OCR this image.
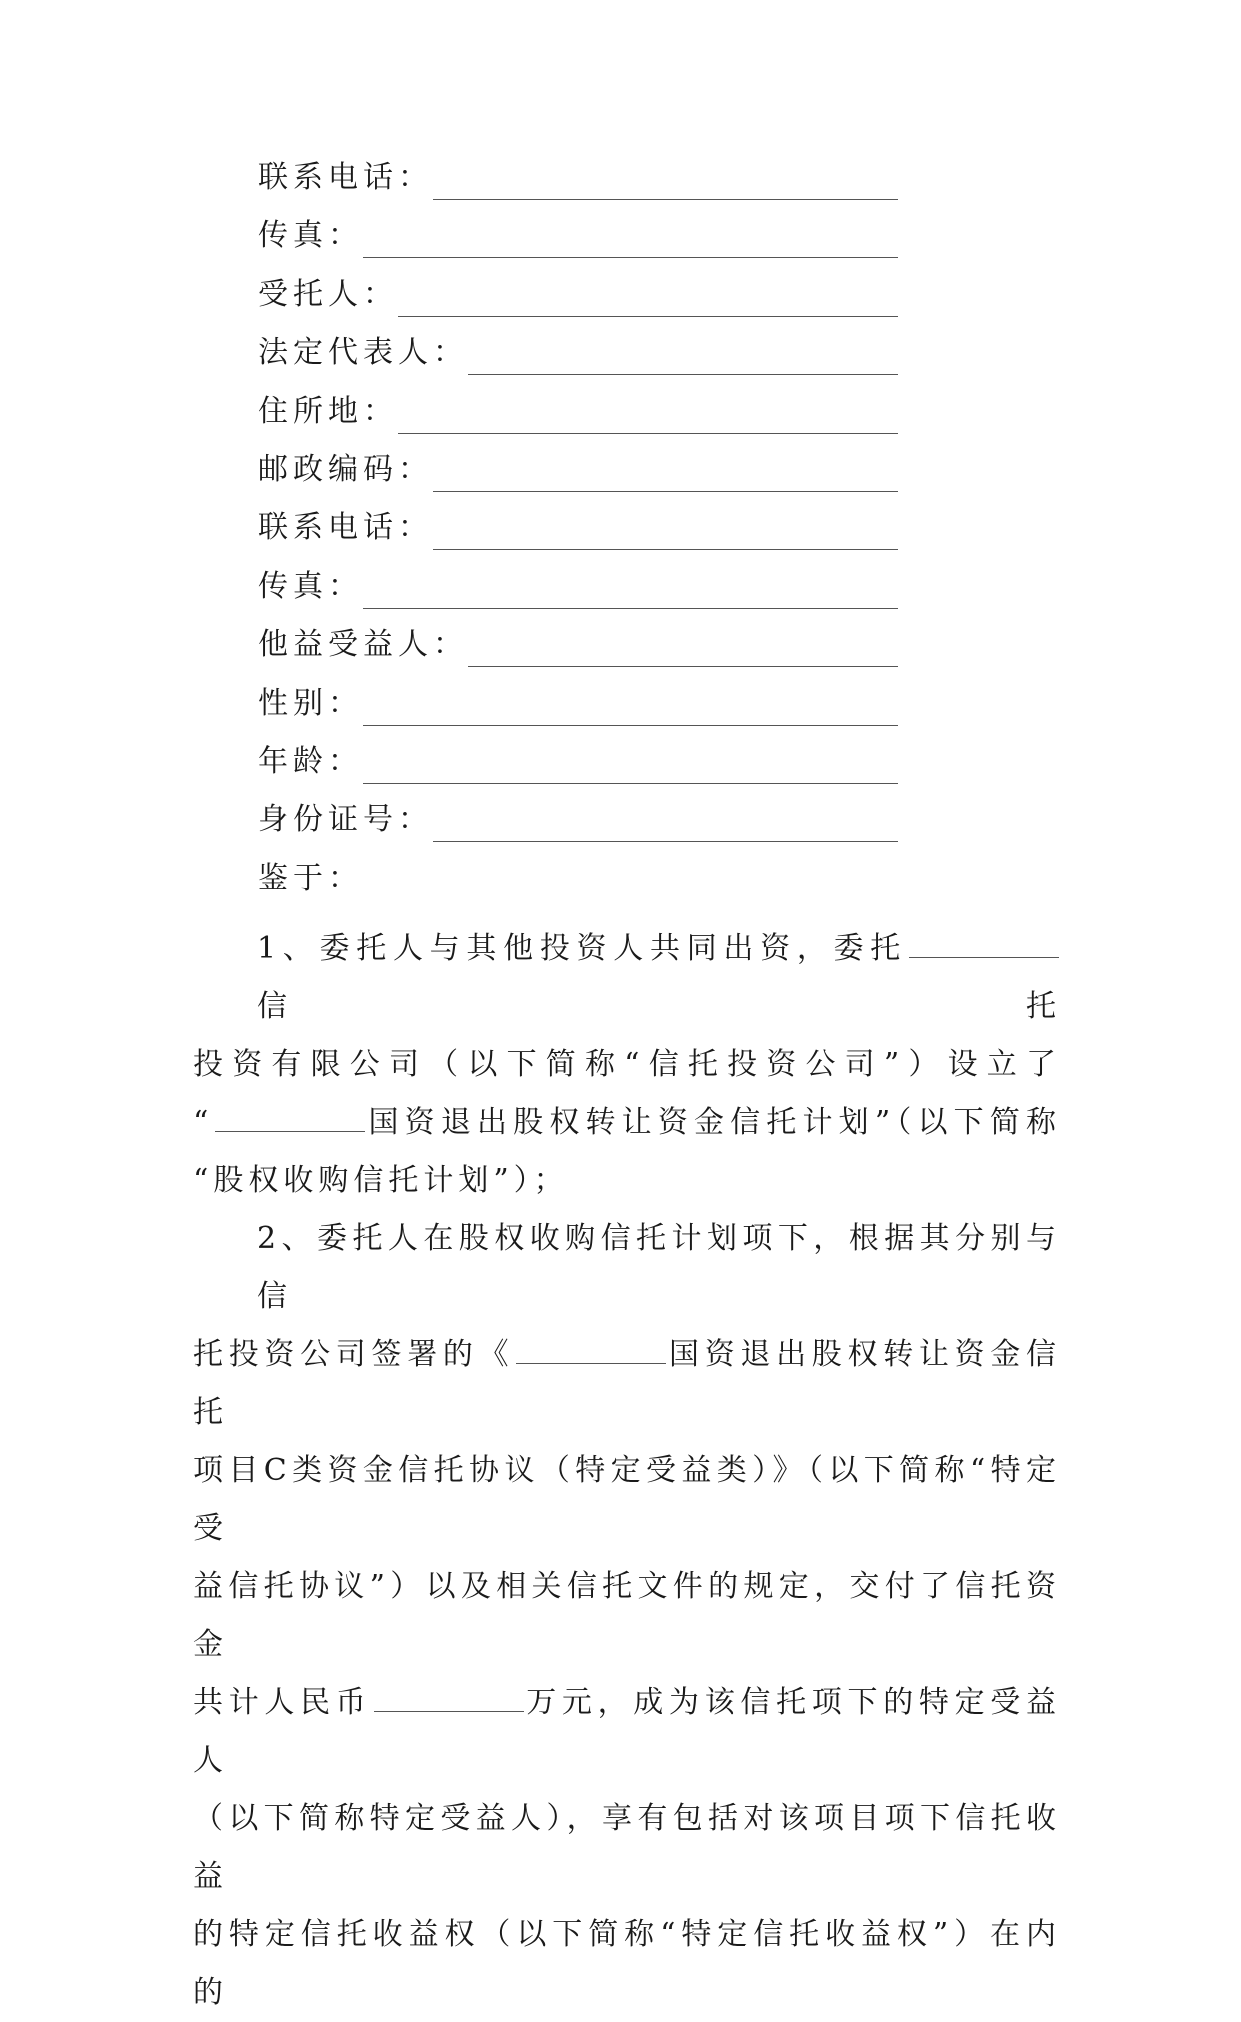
联系电话：
传真：
受托人：
法定代表人：
住所地：
邮政编码：
联系电话：
传真：
他益受益人：
性别：
年龄：
身份证号：
鉴于：

1、委托人与其他投资人共同出资，委托信托
投资有限公司（以下简称“信托投资公司”）设立了
“	国资退出股权转让资金信托计划”（以下简称
“股权收购信托计划”）；

2、委托人在股权收购信托计划项下，根据其分别与信
托投资公司签署的《	国资退出股权转让资金信托
项目C类资金信托协议（特定受益类）》（以下简称“特定受
益信托协议”）以及相关信托文件的规定，交付了信托资金
共计人民币	万元，成为该信托项下的特定受益人
（以下简称特定受益人），享有包括对该项目项下信托收益
的特定信托收益权（以下简称“特定信托收益权”）在内的
